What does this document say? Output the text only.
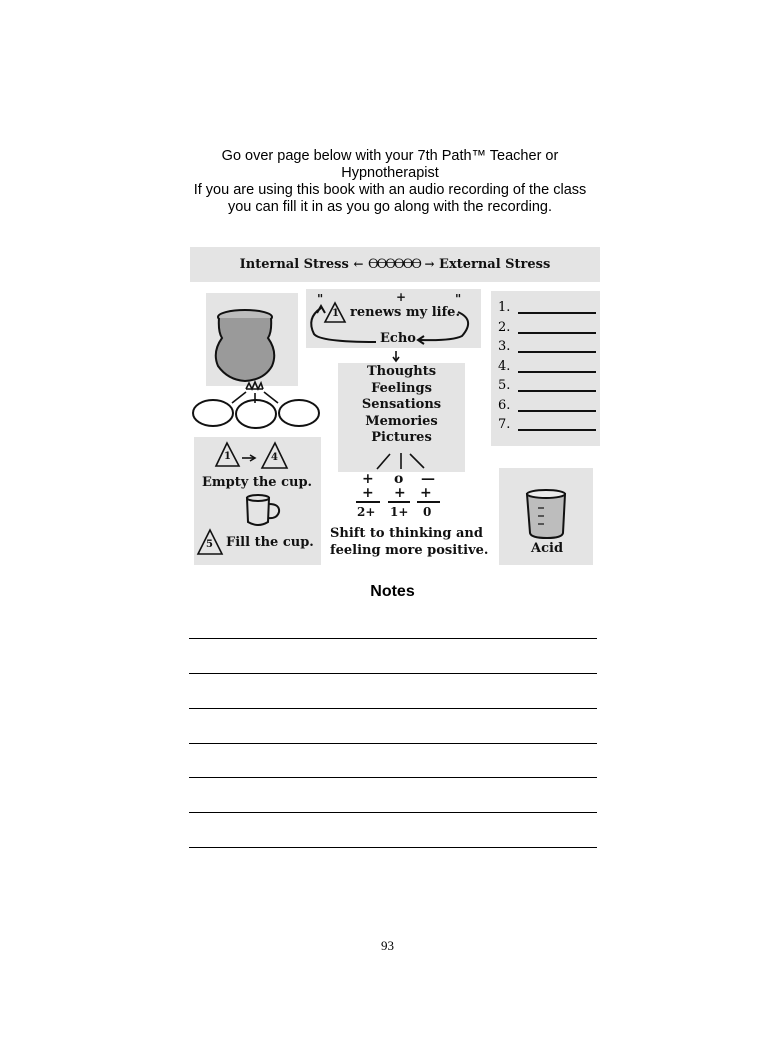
Go over page below with your 7th Path™ Teacher or
Hypnotherapist
If you are using this book with an audio recording of the class
you can fill it in as you go along with the recording.
Internal Stress ← ϴϴϴϴϴϴ → External Stress
"	+	"
1 renews my life.
Echo
Thoughts
Feelings
Sensations
Memories
Pictures
+ o —
+ + +
2+ 1+ 0
Shift to thinking and
feeling more positive.
1	4
Empty the cup.
5 Fill the cup.	Acid
1.
2.
3.
4.
5.
6.
7.
Notes
93
